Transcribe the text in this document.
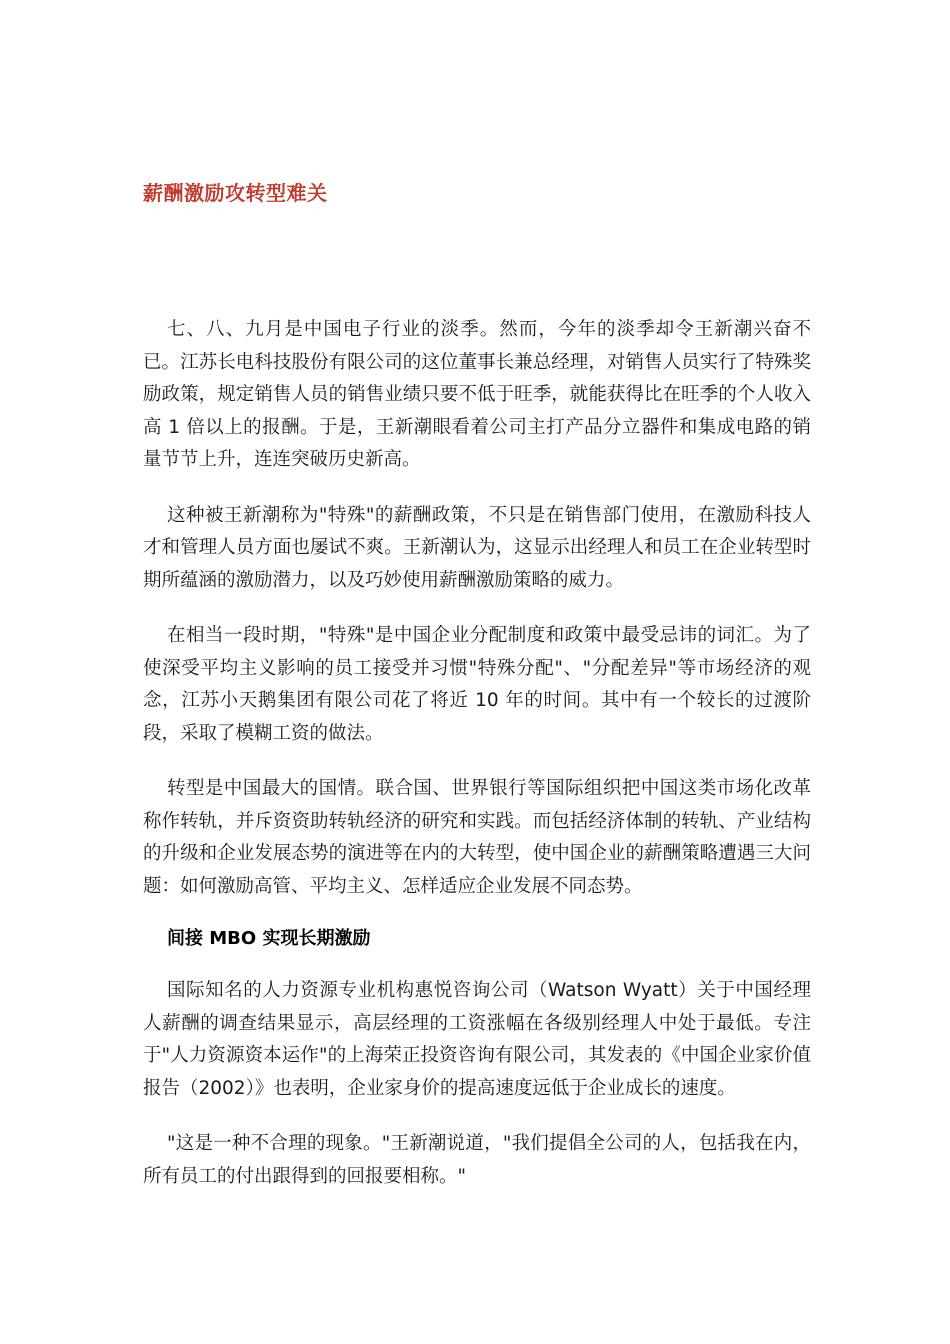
薪酬激励攻转型难关

七、八、九月是中国电子行业的淡季。然而，今年的淡季却令王新潮兴奋不已。江苏长电科技股份有限公司的这位董事长兼总经理，对销售人员实行了特殊奖励政策，规定销售人员的销售业绩只要不低于旺季，就能获得比在旺季的个人收入高 1 倍以上的报酬。于是，王新潮眼看着公司主打产品分立器件和集成电路的销量节节上升，连连突破历史新高。

这种被王新潮称为"特殊"的薪酬政策，不只是在销售部门使用，在激励科技人才和管理人员方面也屡试不爽。王新潮认为，这显示出经理人和员工在企业转型时期所蕴涵的激励潜力，以及巧妙使用薪酬激励策略的威力。

在相当一段时期，"特殊"是中国企业分配制度和政策中最受忌讳的词汇。为了使深受平均主义影响的员工接受并习惯"特殊分配"、"分配差异"等市场经济的观念，江苏小天鹅集团有限公司花了将近 10 年的时间。其中有一个较长的过渡阶段，采取了模糊工资的做法。

转型是中国最大的国情。联合国、世界银行等国际组织把中国这类市场化改革称作转轨，并斥资资助转轨经济的研究和实践。而包括经济体制的转轨、产业结构的升级和企业发展态势的演进等在内的大转型，使中国企业的薪酬策略遭遇三大问题：如何激励高管、平均主义、怎样适应企业发展不同态势。

间接 MBO 实现长期激励

国际知名的人力资源专业机构惠悦咨询公司（Watson Wyatt）关于中国经理人薪酬的调查结果显示，高层经理的工资涨幅在各级别经理人中处于最低。专注于"人力资源资本运作"的上海荣正投资咨询有限公司，其发表的《中国企业家价值报告（2002）》也表明，企业家身价的提高速度远低于企业成长的速度。

"这是一种不合理的现象。"王新潮说道，"我们提倡全公司的人，包括我在内，所有员工的付出跟得到的回报要相称。"
